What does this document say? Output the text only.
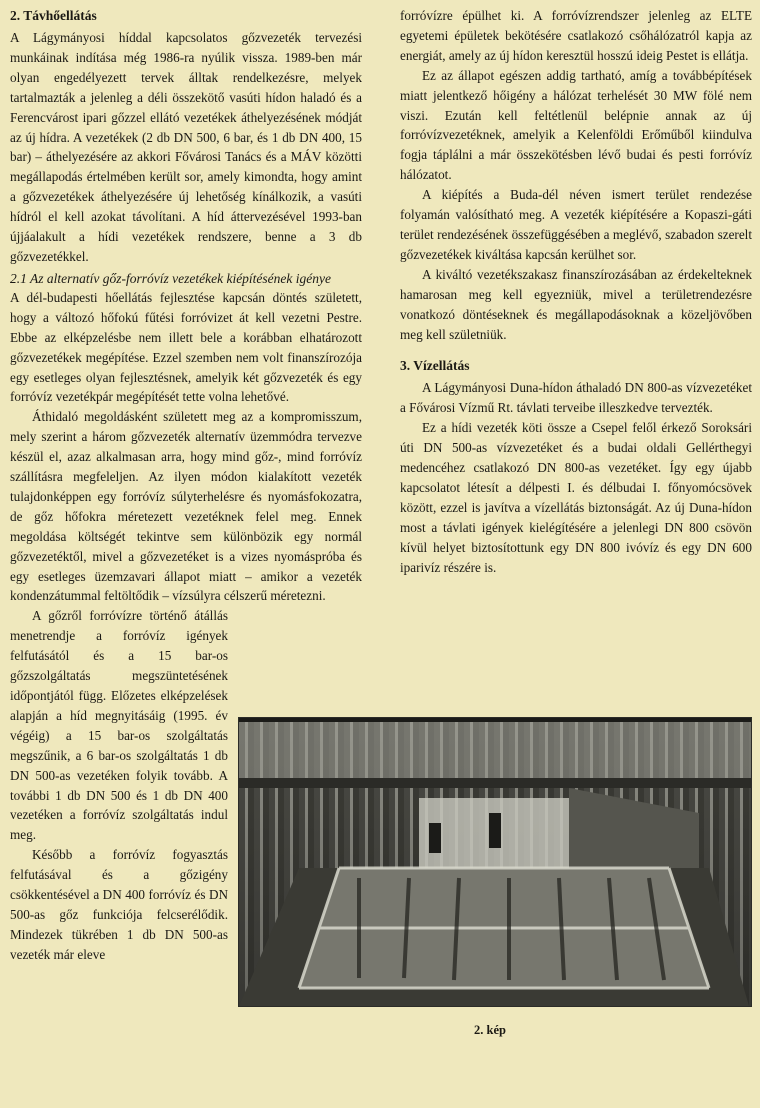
2. Távhőellátás

A Lágymányosi híddal kapcsolatos gőzvezeték tervezési munkáinak indítása még 1986-ra nyúlik vissza. 1989-ben már olyan engedélyezett tervek álltak rendelkezésre, melyek tartalmazták a jelenleg a déli összekötő vasúti hídon haladó és a Ferencvárost ipari gőzzel ellátó vezetékek áthelyezésének módját az új hídra. A vezetékek (2 db DN 500, 6 bar, és 1 db DN 400, 15 bar) – áthelyezésére az akkori Fővárosi Tanács és a MÁV közötti megállapodás értelmében került sor, amely kimondta, hogy amint a gőzvezetékek áthelyezésére új lehetőség kínálkozik, a vasúti hídról el kell azokat távolítani. A híd áttervezésével 1993-ban újjáalakult a hídi vezetékek rendszere, benne a 3 db gőzvezetékkel.

2.1 Az alternatív gőz-forróvíz vezetékek kiépítésének igénye

A dél-budapesti hőellátás fejlesztése kapcsán döntés született, hogy a változó hőfokú fűtési forróvizet át kell vezetni Pestre. Ebbe az elképzelésbe nem illett bele a korábban elhatározott gőzvezetékek megépítése. Ezzel szemben nem volt finanszírozója egy esetleges olyan fejlesztésnek, amelyik két gőzvezeték és egy forróvíz vezetékpár megépítését tette volna lehetővé.

Áthidaló megoldásként született meg az a kompromisszum, mely szerint a három gőzvezeték alternatív üzemmódra tervezve készül el, azaz alkalmasan arra, hogy mind gőz-, mind forróvíz szállításra megfeleljen. Az ilyen módon kialakított vezeték tulajdonképpen egy forróvíz súlyterhelésre és nyomásfokozatra, de gőz hőfokra méretezett vezetéknek felel meg. Ennek megoldása költségét tekintve sem különbözik egy normál gőzvezetéktől, mivel a gőzvezetéket is a vizes nyomáspróba és egy esetleges üzemzavari állapot miatt – amikor a vezeték kondenzátummal feltöltődik – vízsúlyra célszerű méretezni.

A gőzről forróvízre történő átállás menetrendje a forróvíz igények felfutásától és a 15 bar-os gőzszolgáltatás megszüntetésének időpontjától függ. Előzetes elképzelések alapján a híd megnyitásáig (1995. év végéig) a 15 bar-os szolgáltatás megszűnik, a 6 bar-os szolgáltatás 1 db DN 500-as vezetéken folyik tovább. A további 1 db DN 500 és 1 db DN 400 vezetéken a forróvíz szolgáltatás indul meg.

Később a forróvíz fogyasztás felfutásával és a gőzigény csökkentésével a DN 400 forróvíz és DN 500-as gőz funkciója felcserélődik. Mindezek tükrében 1 db DN 500-as vezeték már eleve

forróvízre épülhet ki. A forróvízrendszer jelenleg az ELTE egyetemi épületek bekötésére csatlakozó csőhálózatról kapja az energiát, amely az új hídon keresztül hosszú ideig Pestet is ellátja.

Ez az állapot egészen addig tartható, amíg a továbbépítések miatt jelentkező hőigény a hálózat terhelését 30 MW fölé nem viszi. Ezután kell feltétlenül belépnie annak az új forróvízvezetéknek, amelyik a Kelenföldi Erőműből kiindulva fogja táplálni a már összekötésben lévő budai és pesti forróvíz hálózatot.

A kiépítés a Buda-dél néven ismert terület rendezése folyamán valósítható meg. A vezeték kiépítésére a Kopaszi-gáti terület rendezésének összefüggésében a meglévő, szabadon szerelt gőzvezetékek kiváltása kapcsán kerülhet sor.

A kiváltó vezetékszakasz finanszírozásában az érdekelteknek hamarosan meg kell egyezniük, mivel a területrendezésre vonatkozó döntéseknek és megállapodásoknak a közeljövőben meg kell születniük.

3. Vízellátás

A Lágymányosi Duna-hídon áthaladó DN 800-as vízvezetéket a Fővárosi Vízmű Rt. távlati terveibe illeszkedve tervezték.

Ez a hídi vezeték köti össze a Csepel felől érkező Soroksári úti DN 500-as vízvezetéket és a budai oldali Gellérthegyi medencéhez csatlakozó DN 800-as vezetéket. Így egy újabb kapcsolatot létesít a délpesti I. és délbudai I. főnyomócsövek között, ezzel is javítva a vízellátás biztonságát. Az új Duna-hídon most a távlati igények kielégítésére a jelenlegi DN 800 csövön kívül helyet biztosítottunk egy DN 800 ivóvíz és egy DN 600 iparivíz részére is.

2. kép
